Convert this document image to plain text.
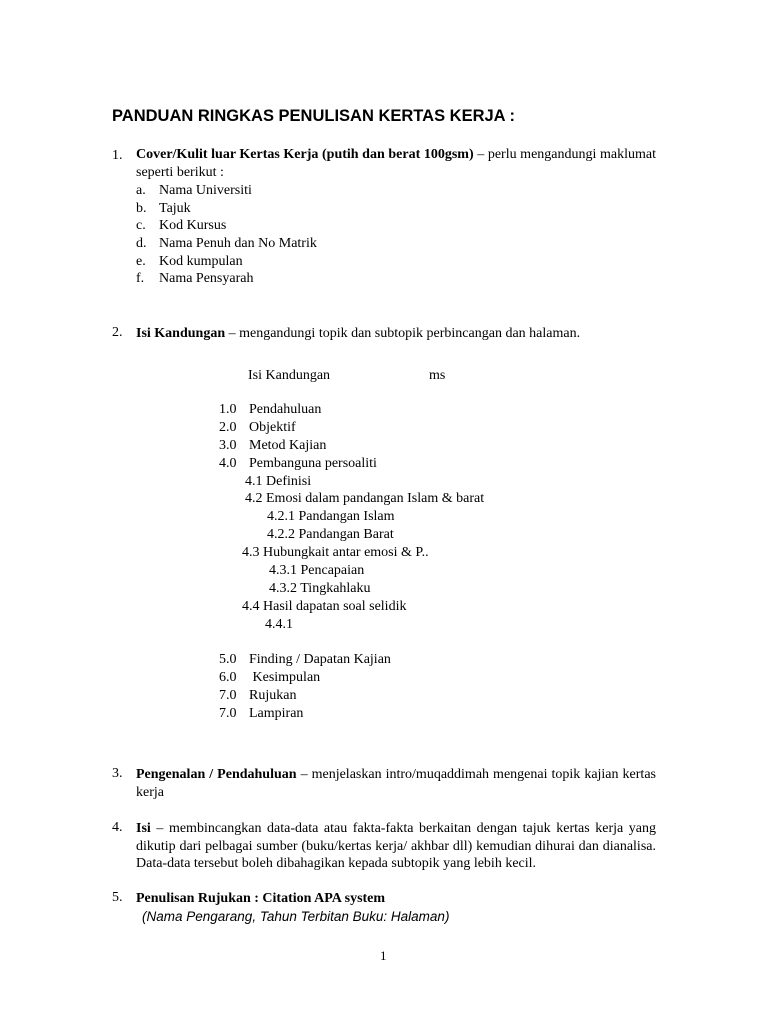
PANDUAN RINGKAS PENULISAN KERTAS KERJA :
1. Cover/Kulit luar Kertas Kerja (putih dan berat 100gsm) – perlu mengandungi maklumat seperti berikut :
a. Nama Universiti
b. Tajuk
c. Kod Kursus
d. Nama Penuh dan No Matrik
e. Kod kumpulan
f.	Nama Pensyarah
2. Isi Kandungan – mengandungi topik dan subtopik perbincangan dan halaman.
Isi Kandungan	ms
1.0 Pendahuluan
2.0 Objektif
3.0 Metod Kajian
4.0 Pembanguna persoaliti
4.1 Definisi
4.2 Emosi dalam pandangan Islam & barat
4.2.1 Pandangan Islam
4.2.2 Pandangan Barat
4.3 Hubungkait antar emosi & P..
4.3.1 Pencapaian
4.3.2 Tingkahlaku
4.4 Hasil dapatan soal selidik
4.4.1
5.0 Finding / Dapatan Kajian
6.0 Kesimpulan
7.0 Rujukan
7.0 Lampiran
3. Pengenalan / Pendahuluan – menjelaskan intro/muqaddimah mengenai topik kajian kertas kerja
4. Isi – membincangkan data-data atau fakta-fakta berkaitan dengan tajuk kertas kerja yang dikutip dari pelbagai sumber (buku/kertas kerja/ akhbar dll) kemudian dihurai dan dianalisa. Data-data tersebut boleh dibahagikan kepada subtopik yang lebih kecil.
5. Penulisan Rujukan : Citation APA system
(Nama Pengarang, Tahun Terbitan Buku: Halaman)
1
